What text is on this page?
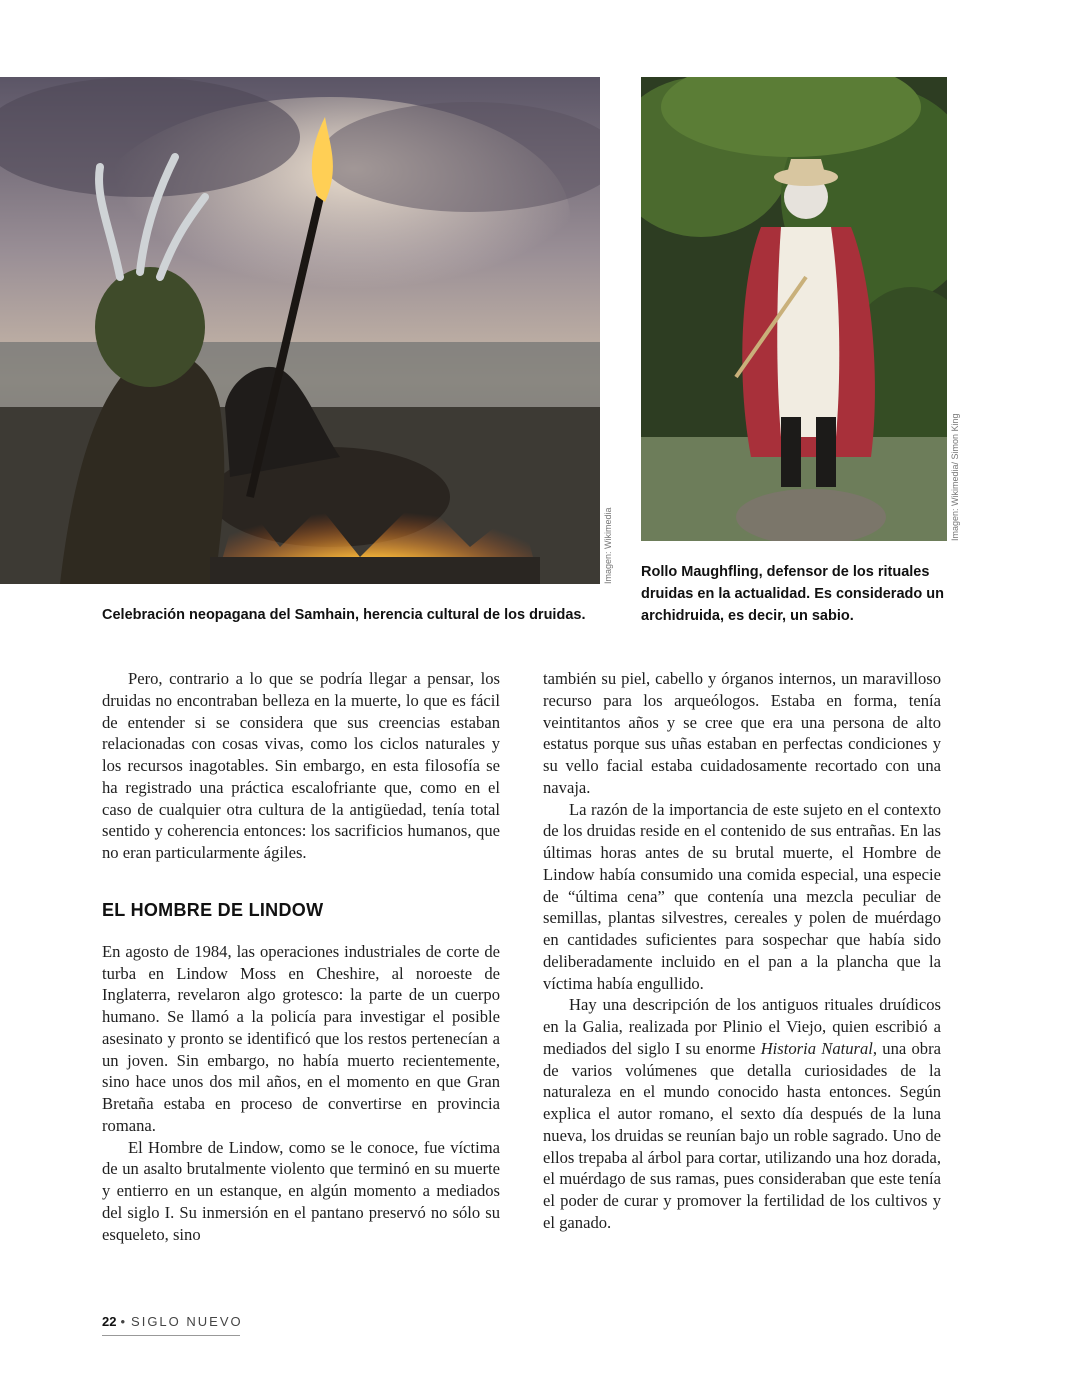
Imagen: Wikimedia
Imagen: Wikimedia/ Simon King
Celebración neopagana del Samhain, herencia cultural de los druidas.
Rollo Maughfling, defensor de los rituales druidas en la actualidad. Es considerado un archidruida, es decir, un sabio.

Pero, contrario a lo que se podría llegar a pensar, los druidas no encontraban belleza en la muerte, lo que es fácil de entender si se considera que sus creencias estaban relacionadas con cosas vivas, como los ciclos naturales y los recursos inagotables. Sin embargo, en esta filosofía se ha registrado una práctica escalofriante que, como en el caso de cualquier otra cultura de la antigüedad, tenía total sentido y coherencia entonces: los sacrificios humanos, que no eran particularmente ágiles.

EL HOMBRE DE LINDOW

En agosto de 1984, las operaciones industriales de corte de turba en Lindow Moss en Cheshire, al noroeste de Inglaterra, revelaron algo grotesco: la parte de un cuerpo humano. Se llamó a la policía para investigar el posible asesinato y pronto se identificó que los restos pertenecían a un joven. Sin embargo, no había muerto recientemente, sino hace unos dos mil años, en el momento en que Gran Bretaña estaba en proceso de convertirse en provincia romana.

El Hombre de Lindow, como se le conoce, fue víctima de un asalto brutalmente violento que terminó en su muerte y entierro en un estanque, en algún momento a mediados del siglo I. Su inmersión en el pantano preservó no sólo su esqueleto, sino

también su piel, cabello y órganos internos, un maravilloso recurso para los arqueólogos. Estaba en forma, tenía veintitantos años y se cree que era una persona de alto estatus porque sus uñas estaban en perfectas condiciones y su vello facial estaba cuidadosamente recortado con una navaja.

La razón de la importancia de este sujeto en el contexto de los druidas reside en el contenido de sus entrañas. En las últimas horas antes de su brutal muerte, el Hombre de Lindow había consumido una comida especial, una especie de “última cena” que contenía una mezcla peculiar de semillas, plantas silvestres, cereales y polen de muérdago en cantidades suficientes para sospechar que había sido deliberadamente incluido en el pan a la plancha que la víctima había engullido.

Hay una descripción de los antiguos rituales druídicos en la Galia, realizada por Plinio el Viejo, quien escribió a mediados del siglo I su enorme Historia Natural, una obra de varios volúmenes que detalla curiosidades de la naturaleza en el mundo conocido hasta entonces. Según explica el autor romano, el sexto día después de la luna nueva, los druidas se reunían bajo un roble sagrado. Uno de ellos trepaba al árbol para cortar, utilizando una hoz dorada, el muérdago de sus ramas, pues consideraban que este tenía el poder de curar y promover la fertilidad de los cultivos y el ganado.

22 • SIGLO NUEVO
